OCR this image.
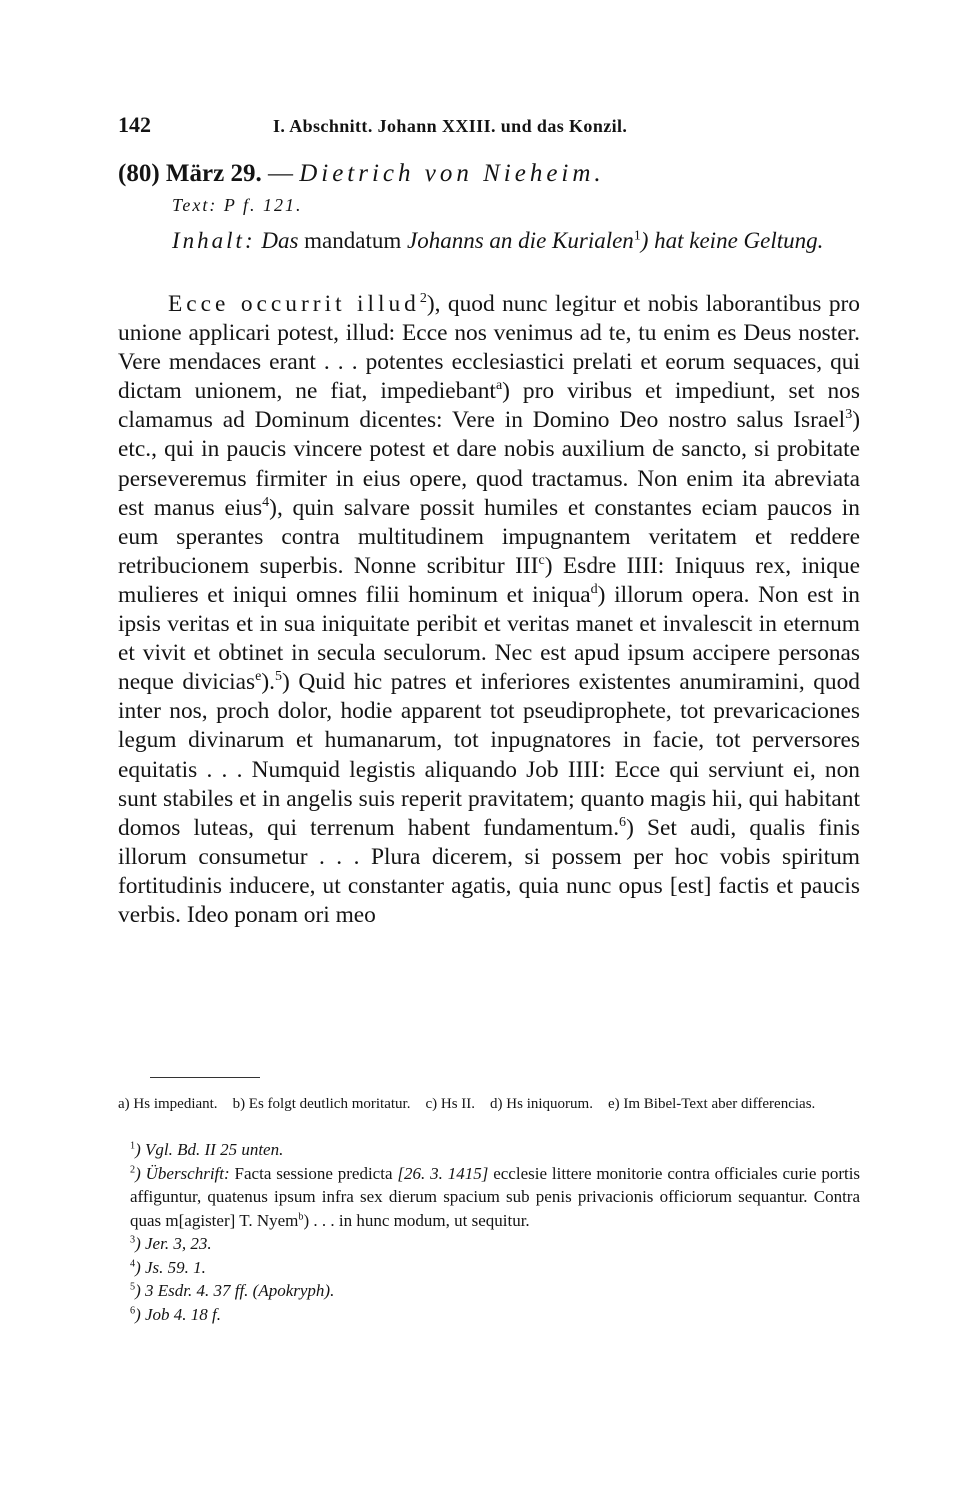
142	I. Abschnitt. Johann XXIII. und das Konzil.
(80) März 29. — Dietrich von Nieheim.
Text: P f. 121.
Inhalt: Das mandatum Johanns an die Kurialen$^1$) hat keine Geltung.

Ecce occurrit illud$^2$), quod nunc legitur et nobis laborantibus pro unione applicari potest, illud: Ecce nos venimus ad te, tu enim es Deus noster. Vere mendaces erant . . . potentes ecclesiastici prelati et eorum sequaces, qui dictam unionem, ne fiat, impediebant$^a$) pro viribus et impediunt, set nos clamamus ad Dominum dicentes: Vere in Domino Deo nostro salus Israel$^3$) etc., qui in paucis vincere potest et dare nobis auxilium de sancto, si probitate perseveremus firmiter in eius opere, quod tractamus. Non enim ita abreviata est manus eius$^4$), quin salvare possit humiles et constantes eciam paucos in eum sperantes contra multitudinem impugnantem veritatem et reddere retribucionem superbis. Nonne scribitur III$^c$) Esdre IIII: Iniquus rex, inique mulieres et iniqui omnes filii hominum et iniqua$^d$) illorum opera. Non est in ipsis veritas et in sua iniquitate peribit et veritas manet et invalescit in eternum et vivit et obtinet in secula seculorum. Nec est apud ipsum accipere personas neque divicias$^e$).$^5$) Quid hic patres et inferiores existentes anumiramini, quod inter nos, proch dolor, hodie apparent tot pseudiprophete, tot prevaricaciones legum divinarum et humanarum, tot inpugnatores in facie, tot perversores equitatis . . . Numquid legistis aliquando Job IIII: Ecce qui serviunt ei, non sunt stabiles et in angelis suis reperit pravitatem; quanto magis hii, qui habitant domos luteas, qui terrenum habent fundamentum.$^6$) Set audi, qualis finis illorum consumetur . . . Plura dicerem, si possem per hoc vobis spiritum fortitudinis inducere, ut constanter agatis, quia nunc opus [est] factis et paucis verbis. Ideo ponam ori meo

a) Hs impediant. b) Es folgt deutlich moritatur. c) Hs II. d) Hs iniquorum. e) Im Bibel-Text aber differencias.

$^1$) Vgl. Bd. II 25 unten.

$^2$) Überschrift: Facta sessione predicta [26. 3. 1415] ecclesie littere monitorie contra officiales curie portis affiguntur, quatenus ipsum infra sex dierum spacium sub penis privacionis officiorum sequantur. Contra quas m[agister] T. Nyem$^b$) . . . in hunc modum, ut sequitur.

$^3$) Jer. 3, 23.

$^4$) Js. 59. 1.

$^5$) 3 Esdr. 4. 37 ff. (Apokryph).

$^6$) Job 4. 18 f.
